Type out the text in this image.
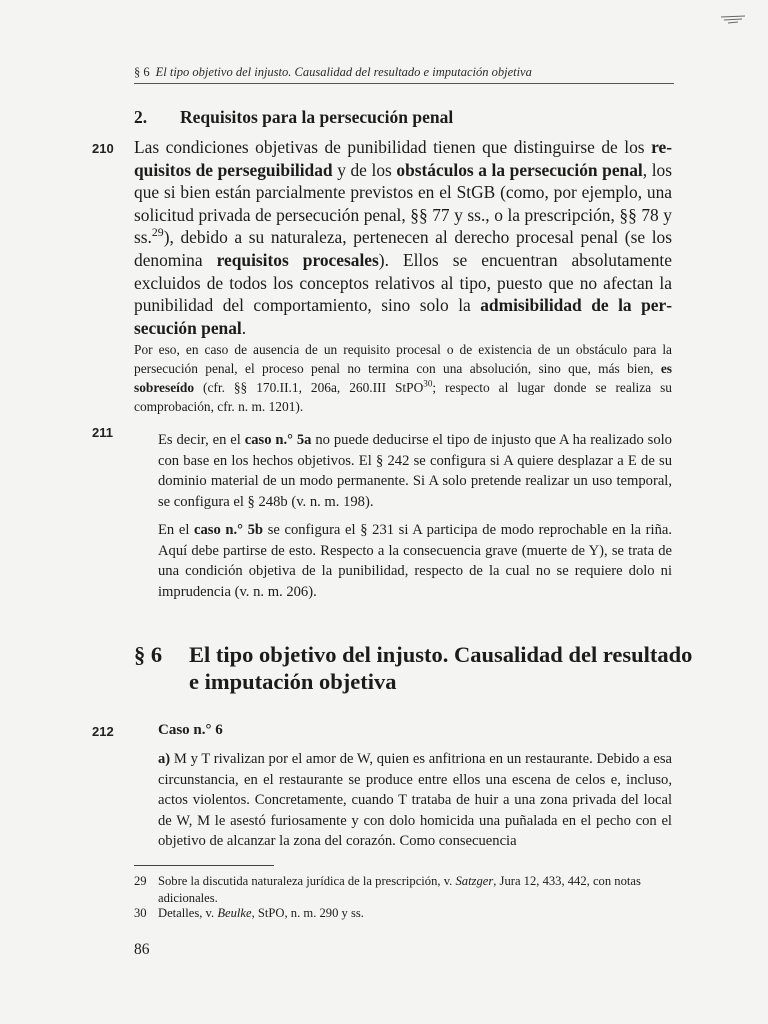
§ 6 El tipo objetivo del injusto. Causalidad del resultado e imputación objetiva
2. Requisitos para la persecución penal
210 Las condiciones objetivas de punibilidad tienen que distinguirse de los requisitos de perseguibilidad y de los obstáculos a la persecución penal, los que si bien están parcialmente previstos en el StGB (como, por ejemplo, una solicitud privada de persecución penal, §§ 77 y ss., o la prescripción, §§ 78 y ss.$^{29}$), debido a su naturaleza, pertenecen al derecho procesal penal (se los denomina requisitos procesales). Ellos se encuentran absolutamente excluidos de todos los conceptos relativos al tipo, puesto que no afectan la punibilidad del comportamiento, sino solo la admisibilidad de la persecución penal.
Por eso, en caso de ausencia de un requisito procesal o de existencia de un obstáculo para la persecución penal, el proceso penal no termina con una absolución, sino que, más bien, es sobreseído (cfr. §§ 170.II.1, 206a, 260.III StPO$^{30}$; respecto al lugar donde se realiza su comprobación, cfr. n. m. 1201).
211	Es decir, en el caso n.° 5a no puede deducirse el tipo de injusto que A ha realizado solo con base en los hechos objetivos. El § 242 se configura si A quiere desplazar a E de su dominio material de un modo permanente. Si A solo pretende realizar un uso temporal, se configura el § 248b (v. n. m. 198).

En el caso n.° 5b se configura el § 231 si A participa de modo reprochable en la riña. Aquí debe partirse de esto. Respecto a la consecuencia grave (muerte de Y), se trata de una condición objetiva de la punibilidad, respecto de la cual no se requiere dolo ni imprudencia (v. n. m. 206).

§ 6 El tipo objetivo del injusto. Causalidad del resultado e imputación objetiva
212	Caso n.° 6

a) M y T rivalizan por el amor de W, quien es anfitriona en un restaurante. Debido a esa circunstancia, en el restaurante se produce entre ellos una escena de celos e, incluso, actos violentos. Concretamente, cuando T trataba de huir a una zona privada del local de W, M le asestó furiosamente y con dolo homicida una puñalada en el pecho con el objetivo de alcanzar la zona del corazón. Como consecuencia

29 Sobre la discutida naturaleza jurídica de la prescripción, v. Satzger, Jura 12, 433, 442, con notas adicionales.
30 Detalles, v. Beulke, StPO, n. m. 290 y ss.
86
